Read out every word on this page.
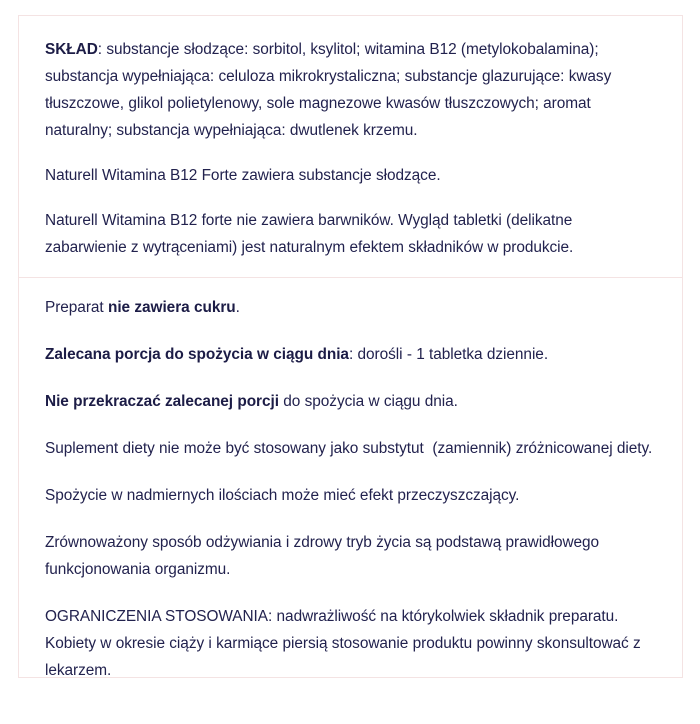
SKŁAD: substancje słodzące: sorbitol, ksylitol; witamina B12 (metylokobalamina); substancja wypełniająca: celuloza mikrokrystaliczna; substancje glazurujące: kwasy tłuszczowe, glikol polietylenowy, sole magnezowe kwasów tłuszczowych; aromat naturalny; substancja wypełniająca: dwutlenek krzemu.

Naturell Witamina B12 Forte zawiera substancje słodzące.

Naturell Witamina B12 forte nie zawiera barwników. Wygląd tabletki (delikatne zabarwienie z wytrąceniami) jest naturalnym efektem składników w produkcie.

Preparat nie zawiera cukru.

Zalecana porcja do spożycia w ciągu dnia: dorośli - 1 tabletka dziennie.

Nie przekraczać zalecanej porcji do spożycia w ciągu dnia.

Suplement diety nie może być stosowany jako substytut  (zamiennik) zróżnicowanej diety.

Spożycie w nadmiernych ilościach może mieć efekt przeczyszczający.

Zrównoważony sposób odżywiania i zdrowy tryb życia są podstawą prawidłowego funkcjonowania organizmu.

OGRANICZENIA STOSOWANIA: nadwrażliwość na którykolwiek składnik preparatu. Kobiety w okresie ciąży i karmiące piersią stosowanie produktu powinny skonsultować z lekarzem.
